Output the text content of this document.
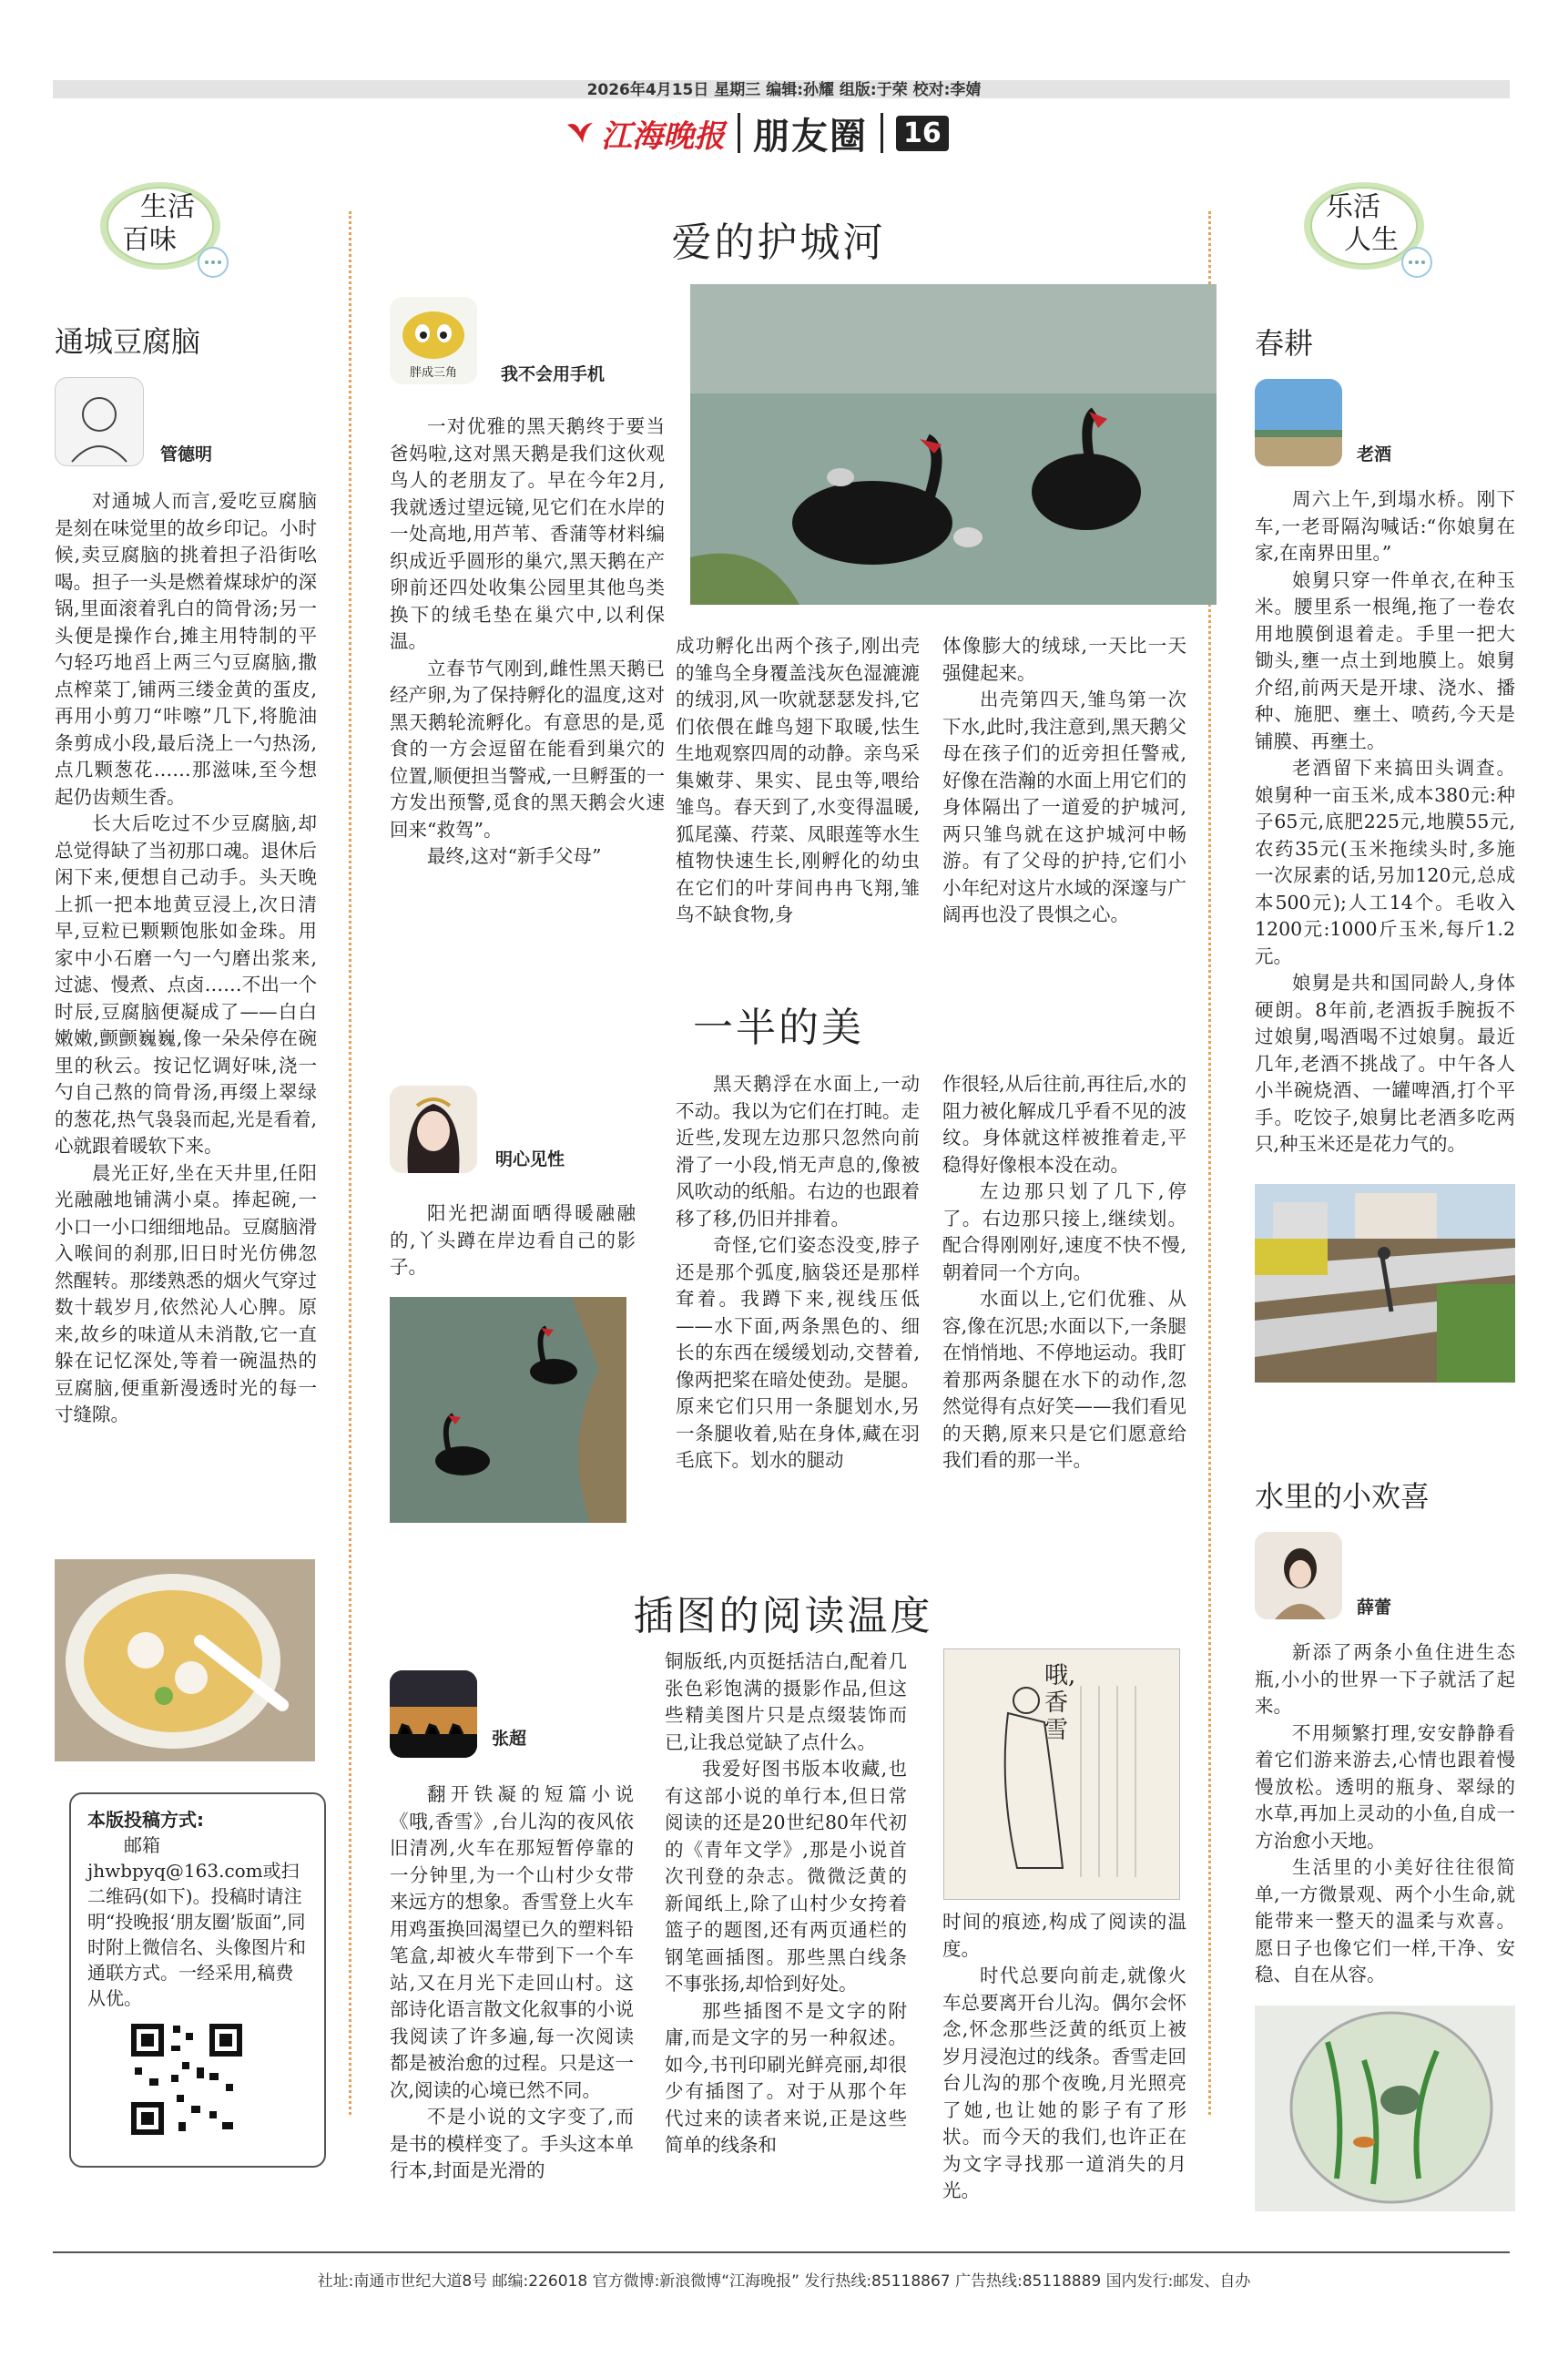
2026年4月15日 星期三 编辑:孙耀 组版:于荣 校对:李婧
江海晚报 朋友圈 16
生活
百味
乐活
人生
通城豆腐脑
管德明

对通城人而言,爱吃豆腐脑是刻在味觉里的故乡印记。小时候,卖豆腐脑的挑着担子沿街吆喝。担子一头是燃着煤球炉的深锅,里面滚着乳白的筒骨汤;另一头便是操作台,摊主用特制的平勺轻巧地舀上两三勺豆腐脑,撒点榨菜丁,铺两三缕金黄的蛋皮,再用小剪刀“咔嚓”几下,将脆油条剪成小段,最后浇上一勺热汤,点几颗葱花……那滋味,至今想起仍齿颊生香。

长大后吃过不少豆腐脑,却总觉得缺了当初那口魂。退休后闲下来,便想自己动手。头天晚上抓一把本地黄豆浸上,次日清早,豆粒已颗颗饱胀如金珠。用家中小石磨一勺一勺磨出浆来,过滤、慢煮、点卤……不出一个时辰,豆腐脑便凝成了——白白嫩嫩,颤颤巍巍,像一朵朵停在碗里的秋云。按记忆调好味,浇一勺自己熬的筒骨汤,再缀上翠绿的葱花,热气袅袅而起,光是看着,心就跟着暖软下来。

晨光正好,坐在天井里,任阳光融融地铺满小桌。捧起碗,一小口一小口细细地品。豆腐脑滑入喉间的刹那,旧日时光仿佛忽然醒转。那缕熟悉的烟火气穿过数十载岁月,依然沁人心脾。原来,故乡的味道从未消散,它一直躲在记忆深处,等着一碗温热的豆腐脑,便重新漫透时光的每一寸缝隙。

本版投稿方式:
邮箱jhwbpyq@163.com或扫二维码(如下)。投稿时请注明“投晚报‘朋友圈’版面”,同时附上微信名、头像图片和通联方式。一经采用,稿费从优。
爱的护城河
胖成三角	我不会用手机

一对优雅的黑天鹅终于要当爸妈啦,这对黑天鹅是我们这伙观鸟人的老朋友了。早在今年2月,我就透过望远镜,见它们在水岸的一处高地,用芦苇、香蒲等材料编织成近乎圆形的巢穴,黑天鹅在产卵前还四处收集公园里其他鸟类换下的绒毛垫在巢穴中,以利保温。

立春节气刚到,雌性黑天鹅已经产卵,为了保持孵化的温度,这对黑天鹅轮流孵化。有意思的是,觅食的一方会逗留在能看到巢穴的位置,顺便担当警戒,一旦孵蛋的一方发出预警,觅食的黑天鹅会火速回来“救驾”。

最终,这对“新手父母”

成功孵化出两个孩子,刚出壳的雏鸟全身覆盖浅灰色湿漉漉的绒羽,风一吹就瑟瑟发抖,它们依偎在雌鸟翅下取暖,怯生生地观察四周的动静。亲鸟采集嫩芽、果实、昆虫等,喂给雏鸟。春天到了,水变得温暖,狐尾藻、荇菜、凤眼莲等水生植物快速生长,刚孵化的幼虫在它们的叶芽间冉冉飞翔,雏鸟不缺食物,身

体像膨大的绒球,一天比一天强健起来。

出壳第四天,雏鸟第一次下水,此时,我注意到,黑天鹅父母在孩子们的近旁担任警戒,好像在浩瀚的水面上用它们的身体隔出了一道爱的护城河,两只雏鸟就在这护城河中畅游。有了父母的护持,它们小小年纪对这片水域的深邃与广阔再也没了畏惧之心。

一半的美
明心见性

阳光把湖面晒得暖融融的,丫头蹲在岸边看自己的影子。

黑天鹅浮在水面上,一动不动。我以为它们在打盹。走近些,发现左边那只忽然向前滑了一小段,悄无声息的,像被风吹动的纸船。右边的也跟着移了移,仍旧并排着。

奇怪,它们姿态没变,脖子还是那个弧度,脑袋还是那样耷着。我蹲下来,视线压低——水下面,两条黑色的、细长的东西在缓缓划动,交替着,像两把桨在暗处使劲。是腿。原来它们只用一条腿划水,另一条腿收着,贴在身体,藏在羽毛底下。划水的腿动

作很轻,从后往前,再往后,水的阻力被化解成几乎看不见的波纹。身体就这样被推着走,平稳得好像根本没在动。

左边那只划了几下,停了。右边那只接上,继续划。配合得刚刚好,速度不快不慢,朝着同一个方向。

水面以上,它们优雅、从容,像在沉思;水面以下,一条腿在悄悄地、不停地运动。我盯着那两条腿在水下的动作,忽然觉得有点好笑——我们看见的天鹅,原来只是它们愿意给我们看的那一半。

插图的阅读温度
张超

翻开铁凝的短篇小说《哦,香雪》,台儿沟的夜风依旧清冽,火车在那短暂停靠的一分钟里,为一个山村少女带来远方的想象。香雪登上火车用鸡蛋换回渴望已久的塑料铅笔盒,却被火车带到下一个车站,又在月光下走回山村。这部诗化语言散文化叙事的小说我阅读了许多遍,每一次阅读都是被治愈的过程。只是这一次,阅读的心境已然不同。

不是小说的文字变了,而是书的模样变了。手头这本单行本,封面是光滑的

铜版纸,内页挺括洁白,配着几张色彩饱满的摄影作品,但这些精美图片只是点缀装饰而已,让我总觉缺了点什么。

我爱好图书版本收藏,也有这部小说的单行本,但日常阅读的还是20世纪80年代初的《青年文学》,那是小说首次刊登的杂志。微微泛黄的新闻纸上,除了山村少女挎着篮子的题图,还有两页通栏的钢笔画插图。那些黑白线条不事张扬,却恰到好处。

那些插图不是文字的附庸,而是文字的另一种叙述。如今,书刊印刷光鲜亮丽,却很少有插图了。对于从那个年代过来的读者来说,正是这些简单的线条和

哦,香雪

时间的痕迹,构成了阅读的温度。

时代总要向前走,就像火车总要离开台儿沟。偶尔会怀念,怀念那些泛黄的纸页上被岁月浸泡过的线条。香雪走回台儿沟的那个夜晚,月光照亮了她,也让她的影子有了形状。而今天的我们,也许正在为文字寻找那一道消失的月光。

春耕
老酒

周六上午,到塌水桥。刚下车,一老哥隔沟喊话:“你娘舅在家,在南界田里。”

娘舅只穿一件单衣,在种玉米。腰里系一根绳,拖了一卷农用地膜倒退着走。手里一把大锄头,壅一点土到地膜上。娘舅介绍,前两天是开埭、浇水、播种、施肥、壅土、喷药,今天是铺膜、再壅土。

老酒留下来搞田头调查。娘舅种一亩玉米,成本380元:种子65元,底肥225元,地膜55元,农药35元(玉米拖续头时,多施一次尿素的话,另加120元,总成本500元);人工14个。毛收入1200元:1000斤玉米,每斤1.2元。

娘舅是共和国同龄人,身体硬朗。8年前,老酒扳手腕扳不过娘舅,喝酒喝不过娘舅。最近几年,老酒不挑战了。中午各人小半碗烧酒、一罐啤酒,打个平手。吃饺子,娘舅比老酒多吃两只,种玉米还是花力气的。

水里的小欢喜
薛蕾

新添了两条小鱼住进生态瓶,小小的世界一下子就活了起来。

不用频繁打理,安安静静看着它们游来游去,心情也跟着慢慢放松。透明的瓶身、翠绿的水草,再加上灵动的小鱼,自成一方治愈小天地。

生活里的小美好往往很简单,一方微景观、两个小生命,就能带来一整天的温柔与欢喜。愿日子也像它们一样,干净、安稳、自在从容。

社址:南通市世纪大道8号 邮编:226018 官方微博:新浪微博“江海晚报” 发行热线:85118867 广告热线:85118889 国内发行:邮发、自办
